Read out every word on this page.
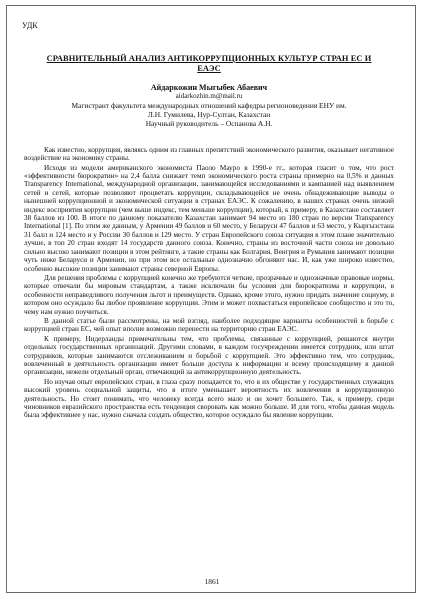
УДК
СРАВНИТЕЛЬНЫЙ АНАЛИЗ АНТИКОРРУПЦИОННЫХ КУЛЬТУР СТРАН ЕС И ЕАЭС
Айдаркожин Мыгыбек Абаевич
aidarkozhin.m@mail.ru
Магистрант факультета международных отношений кафедры регионоведения ЕНУ им.
Л.Н. Гумилева, Нур-Султан, Казахстан
Научный руководитель – Оспанова А.Н.

Как известно, коррупция, являясь одним из главных препятствий экономического развития, оказывает негативное воздействие на экономику страны.

Исходя из модели американского экономиста Паоло Мауро в 1990-е гг., которая гласит о том, что рост «эффективности бюрократии» на 2,4 балла снижает темп экономического роста страны примерно на 0,5% и данных Transparency International, международной организации, занимающейся исследованиями и кампанией над выявлением сетей и сетей, которые позволяют процветать коррупции, складывающейся не очень обнадеживающие выводы о нынешней коррупционной и экономической ситуации в странах ЕАЭС. К сожалению, в наших странах очень низкий индекс восприятия коррупции (чем выше индекс, тем меньше коррупции), который, к примеру, в Казахстане составляет 38 баллов из 100. В итоге по данному показателю Казахстан занимает 94 место из 180 стран по версии Transparency International [1]. По этим же данным, у Армении 49 баллов и 60 место, у Беларуси 47 баллов и 63 место, у Кыргызстана 31 балл и 124 место и у России 30 баллов и 129 место. У стран Европейского союза ситуация в этом плане значительно лучше, в топ 20 стран входят 14 государств данного союза. Конечно, страны из восточной части союза не довольно сильно высоко занимают позиции в этом рейтинге, а такие страны как Болгария, Венгрия и Румыния занимают позиции чуть ниже Беларуси и Армении, но при этом все остальные однозначно обгоняют нас. И, как уже широко известно, особенно высокие позиции занимают страны северной Европы.

Для решения проблемы с коррупцией конечно же требуются четкие, прозрачные и однозначные правовые нормы, которые отвечали бы мировым стандартам, а также исключали бы условия для бюрократизма и коррупции, в особенности неправедливого получения льгот и преимуществ. Однако, кроме этого, нужно придать значение социуму, в котором оно осуждало бы любое проявление коррупции. Этим и может похвастаться европейское сообщество и это то, чему нам нужно поучиться.

В данной статье были рассмотрены, на мой взгляд, наиболее подходящие варианты особенностей в борьбе с коррупцией стран ЕС, чей опыт вполне возможно перенести на территорию стран ЕАЭС.

К примеру, Нидерланды примечательны тем, что проблемы, связанные с коррупцией, решаются внутри отдельных государственных организаций. Другими словами, в каждом госучреждении имеется сотрудник, или штат сотрудников, которые занимаются отслеживанием и борьбой с коррупцией. Это эффективно тем, что сотрудник, вовлеченный в деятельность организации имеет больше доступа к информации и всему происходящему в данной организации, нежели отдельный орган, отвечающий за антикоррупционную деятельность.

Но изучая опыт европейских стран, в глаза сразу попадается то, что в их обществе у государственных служащих высокий уровень социальной защиты, что в итоге уменьшает вероятность их вовлечения в коррупционную деятельность. Но стоит понимать, что человеку всегда всего мало и он хочет большего. Так, к примеру, среди чиновников евразийского пространства есть тенденция своровать как можно больше. И для того, чтобы данная модель была эффективнее у нас, нужно сначала создать общество, которое осуждало бы явление коррупции.

1861
